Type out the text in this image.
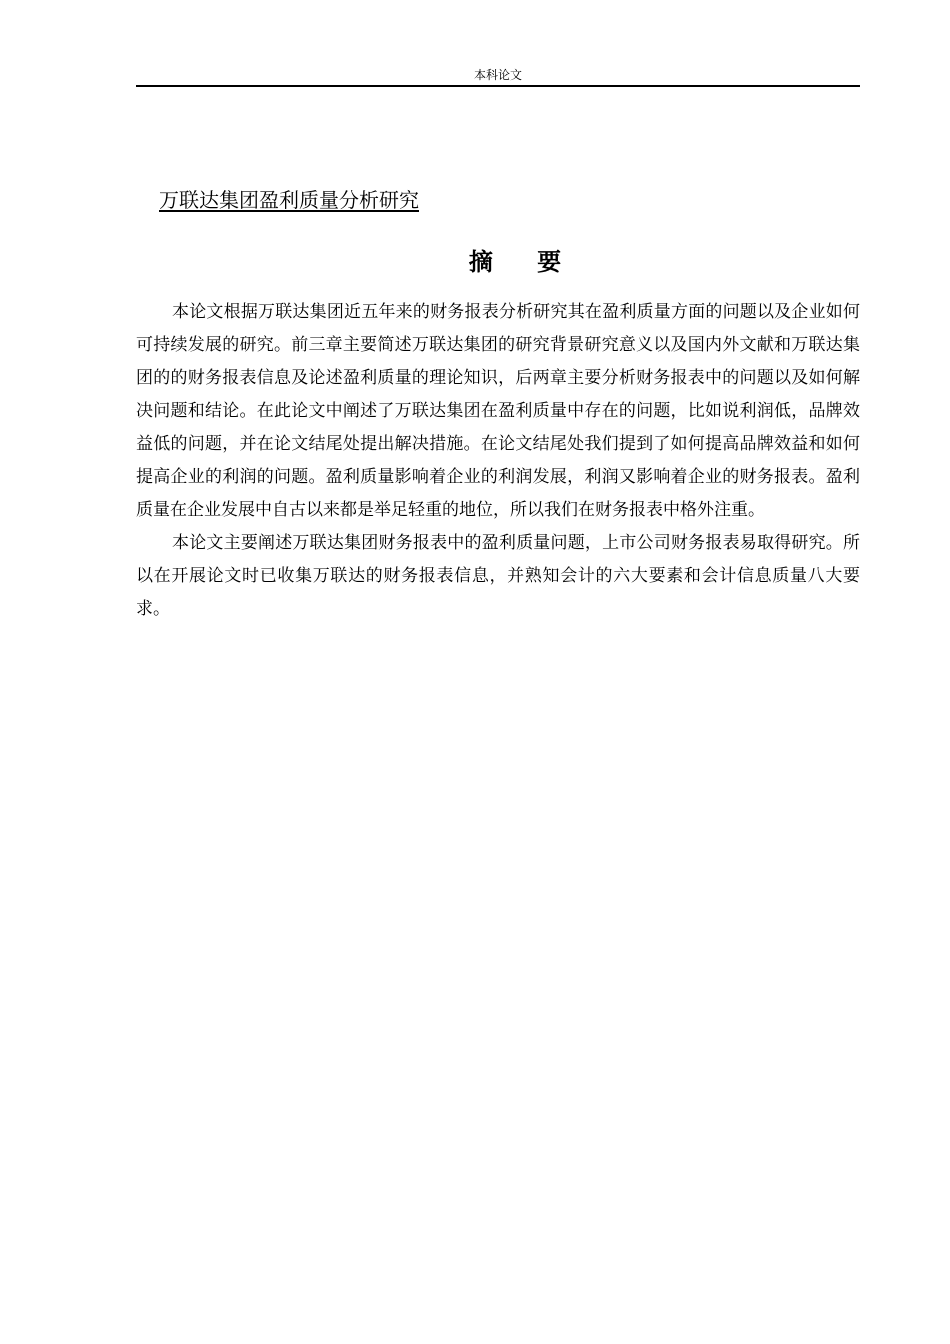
本科论文
万联达集团盈利质量分析研究
摘 要

本论文根据万联达集团近五年来的财务报表分析研究其在盈利质量方面的问题以及企业如何可持续发展的研究。前三章主要简述万联达集团的研究背景研究意义以及国内外文献和万联达集团的的财务报表信息及论述盈利质量的理论知识，后两章主要分析财务报表中的问题以及如何解决问题和结论。在此论文中阐述了万联达集团在盈利质量中存在的问题，比如说利润低，品牌效益低的问题，并在论文结尾处提出解决措施。在论文结尾处我们提到了如何提高品牌效益和如何提高企业的利润的问题。盈利质量影响着企业的利润发展，利润又影响着企业的财务报表。盈利质量在企业发展中自古以来都是举足轻重的地位，所以我们在财务报表中格外注重。

本论文主要阐述万联达集团财务报表中的盈利质量问题，上市公司财务报表易取得研究。所以在开展论文时已收集万联达的财务报表信息，并熟知会计的六大要素和会计信息质量八大要求。
